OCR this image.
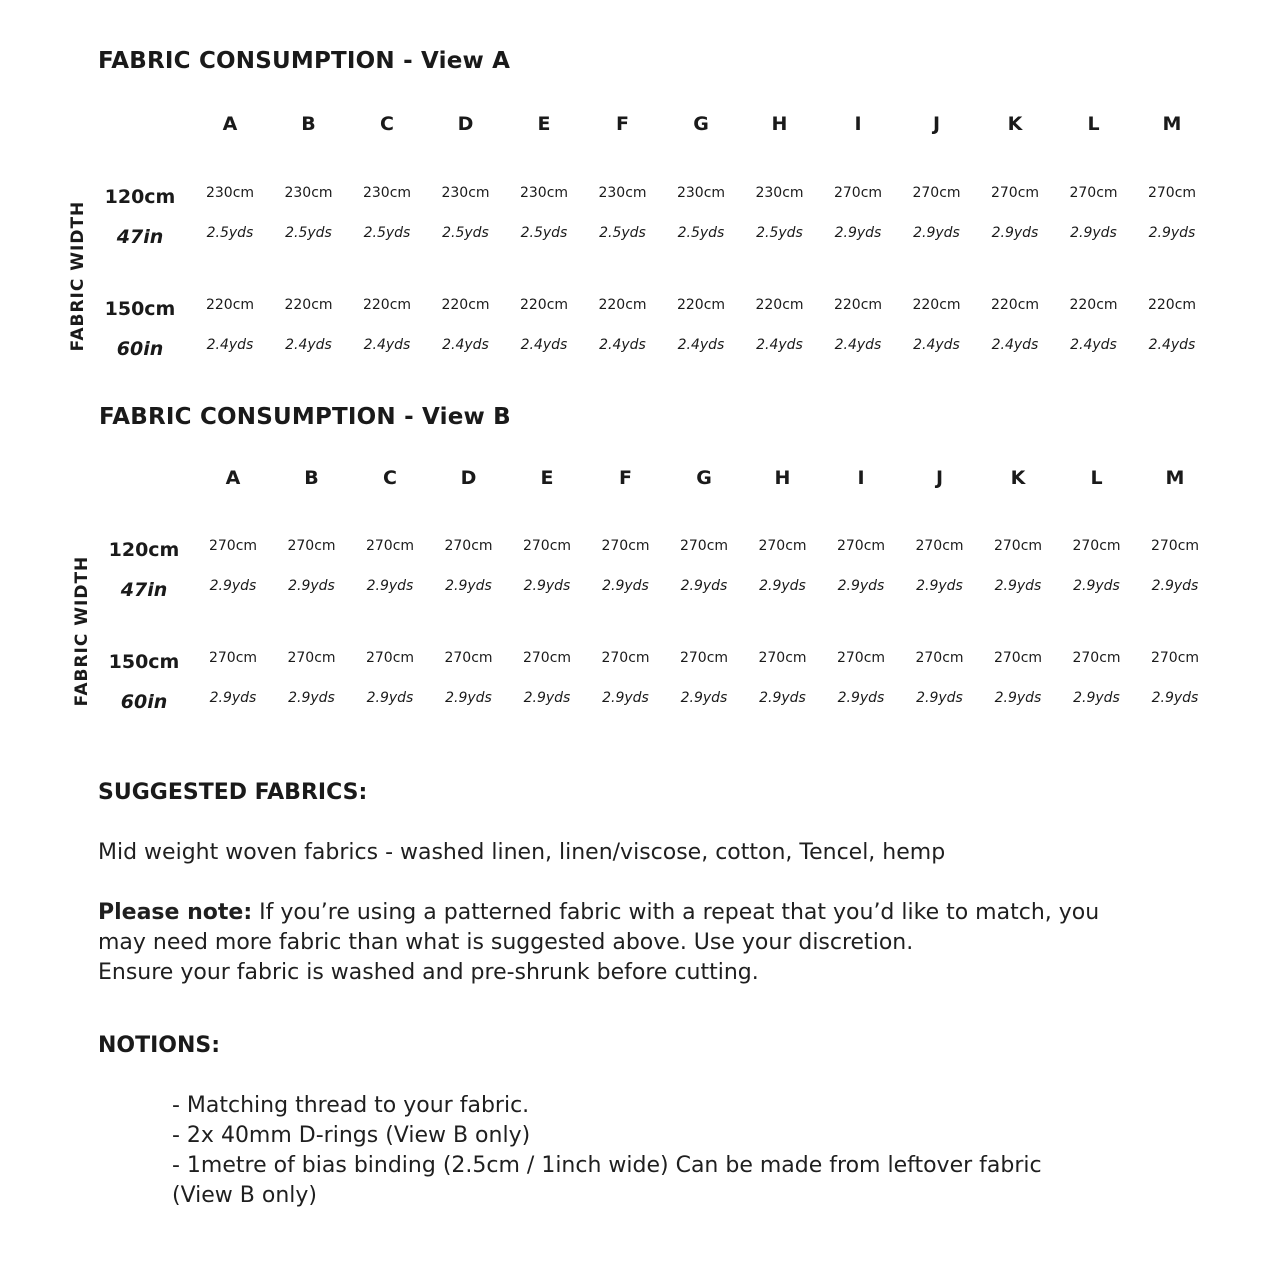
FABRIC CONSUMPTION - View A
FABRIC WIDTH
A	B	C	D	E	F	G	H	I	J	K	L	M
120cm
47in
230cm	230cm	230cm	230cm	230cm	230cm	230cm	230cm	270cm	270cm	270cm	270cm	270cm
2.5yds	2.5yds	2.5yds	2.5yds	2.5yds	2.5yds	2.5yds	2.5yds	2.9yds	2.9yds	2.9yds	2.9yds	2.9yds
150cm
60in
220cm	220cm	220cm	220cm	220cm	220cm	220cm	220cm	220cm	220cm	220cm	220cm	220cm
2.4yds	2.4yds	2.4yds	2.4yds	2.4yds	2.4yds	2.4yds	2.4yds	2.4yds	2.4yds	2.4yds	2.4yds	2.4yds
FABRIC CONSUMPTION - View B
FABRIC WIDTH
A	B	C	D	E	F	G	H	I	J	K	L	M
120cm
47in
270cm	270cm	270cm	270cm	270cm	270cm	270cm	270cm	270cm	270cm	270cm	270cm	270cm
2.9yds	2.9yds	2.9yds	2.9yds	2.9yds	2.9yds	2.9yds	2.9yds	2.9yds	2.9yds	2.9yds	2.9yds	2.9yds
150cm
60in
270cm	270cm	270cm	270cm	270cm	270cm	270cm	270cm	270cm	270cm	270cm	270cm	270cm
2.9yds	2.9yds	2.9yds	2.9yds	2.9yds	2.9yds	2.9yds	2.9yds	2.9yds	2.9yds	2.9yds	2.9yds	2.9yds
SUGGESTED FABRICS:
Mid weight woven fabrics - washed linen, linen/viscose, cotton, Tencel, hemp
Please note: If you’re using a patterned fabric with a repeat that you’d like to match, you
may need more fabric than what is suggested above. Use your discretion.
Ensure your fabric is washed and pre-shrunk before cutting.
NOTIONS:
- Matching thread to your fabric.
- 2x 40mm D-rings (View B only)
- 1metre of bias binding (2.5cm / 1inch wide) Can be made from leftover fabric
(View B only)
